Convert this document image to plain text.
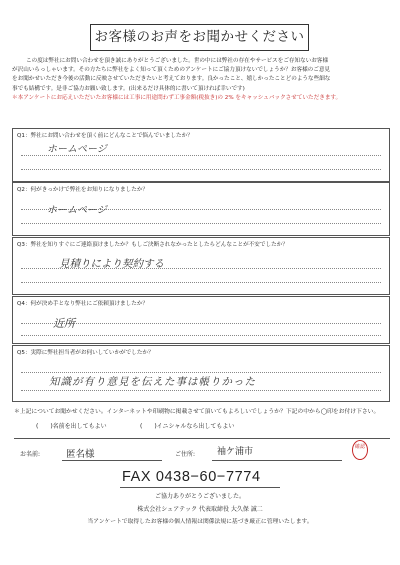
お客様のお声をお聞かせください
この度は弊社にお問い合わせを頂き誠にありがとうございました。世の中には弊社の存在やサービスをご存知ないお客様
が沢山いらっしゃいます。その方たちに弊社をよく知って頂くためのアンケートにご協力頂けないでしょうか？お客様のご意見
をお聞かせいただき今後の活動に反映させていただきたいと考えております。良かったこと、嬉しかったことどのような些細な
事でも結構です。是非ご協力お願い致します。(出来るだけ具体的に書いて頂ければ幸いです)
＊本アンケートにお応えいただいたお客様には工事に用途問わず工事金額(税抜き)の 2% をキャッシュバックさせていただきます。
Q1：弊社にお問い合わせを頂く前にどんなことで悩んでいましたか？
ホームページ
Q2：何がきっかけで弊社をお知りになりましたか？
ホームページ
Q3：弊社を知りすぐにご連絡頂けましたか？もしご決断されなかったとしたらどんなことが不安でしたか？
見積りにより契約する
Q4：何が決め手となり弊社にご依頼頂けましたか？
近所
Q5：実際に弊社担当者がお伺いしていかがでしたか？
知識が有り意見を伝えた事は帳りかった
＊上記についてお聞かせください。インターネットや印刷物に掲載させて頂いてもよろしいでしょうか？下記の中から◯印をお付け下さい。
(　　)名前を出してもよい	(　　)イニシャルなら出してもよい
お名前:	匿名様	ご住所: 袖ケ浦市	確認
FAX 0438−60−7774
ご協力ありがとうございました。
株式会社シェアテック 代表取締役 大久保 誠二
当アンケートで取得したお客様の個人情報は関係法規に基づき厳正に管理いたします。
